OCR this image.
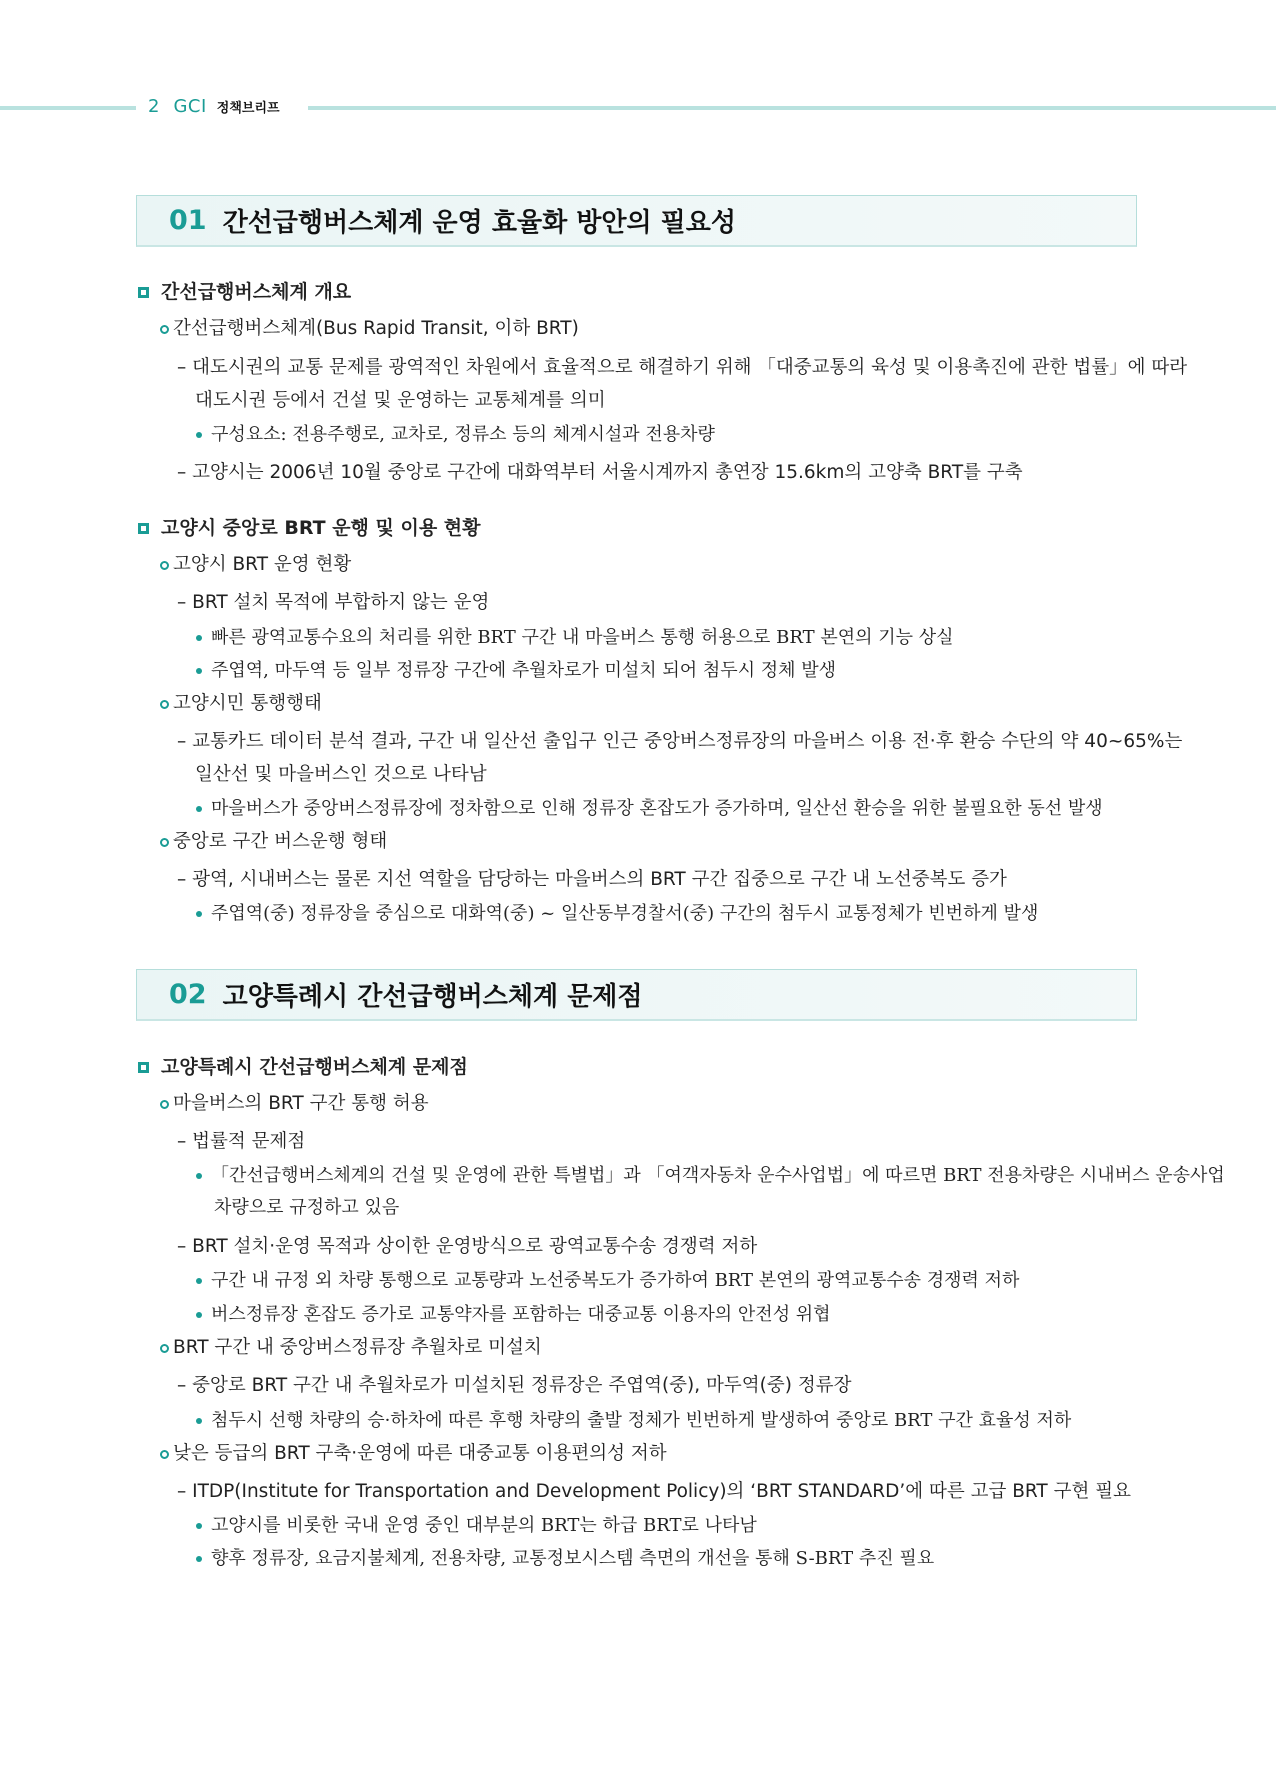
2 GCI 정책브리프
01 간선급행버스체계 운영 효율화 방안의 필요성
간선급행버스체계 개요
간선급행버스체계(Bus Rapid Transit, 이하 BRT)
– 대도시권의 교통 문제를 광역적인 차원에서 효율적으로 해결하기 위해 「대중교통의 육성 및 이용촉진에 관한 법률」에 따라
대도시권 등에서 건설 및 운영하는 교통체계를 의미
구성요소: 전용주행로, 교차로, 정류소 등의 체계시설과 전용차량
– 고양시는 2006년 10월 중앙로 구간에 대화역부터 서울시계까지 총연장 15.6km의 고양축 BRT를 구축
고양시 중앙로 BRT 운행 및 이용 현황
고양시 BRT 운영 현황
– BRT 설치 목적에 부합하지 않는 운영
빠른 광역교통수요의 처리를 위한 BRT 구간 내 마을버스 통행 허용으로 BRT 본연의 기능 상실
주엽역, 마두역 등 일부 정류장 구간에 추월차로가 미설치 되어 첨두시 정체 발생
고양시민 통행행태
– 교통카드 데이터 분석 결과, 구간 내 일산선 출입구 인근 중앙버스정류장의 마을버스 이용 전·후 환승 수단의 약 40~65%는
일산선 및 마을버스인 것으로 나타남
마을버스가 중앙버스정류장에 정차함으로 인해 정류장 혼잡도가 증가하며, 일산선 환승을 위한 불필요한 동선 발생
중앙로 구간 버스운행 형태
– 광역, 시내버스는 물론 지선 역할을 담당하는 마을버스의 BRT 구간 집중으로 구간 내 노선중복도 증가
주엽역(중) 정류장을 중심으로 대화역(중) ~ 일산동부경찰서(중) 구간의 첨두시 교통정체가 빈번하게 발생
02 고양특례시 간선급행버스체계 문제점
고양특례시 간선급행버스체계 문제점
마을버스의 BRT 구간 통행 허용
– 법률적 문제점
「간선급행버스체계의 건설 및 운영에 관한 특별법」과 「여객자동차 운수사업법」에 따르면 BRT 전용차량은 시내버스 운송사업
차량으로 규정하고 있음
– BRT 설치·운영 목적과 상이한 운영방식으로 광역교통수송 경쟁력 저하
구간 내 규정 외 차량 통행으로 교통량과 노선중복도가 증가하여 BRT 본연의 광역교통수송 경쟁력 저하
버스정류장 혼잡도 증가로 교통약자를 포함하는 대중교통 이용자의 안전성 위협
BRT 구간 내 중앙버스정류장 추월차로 미설치
– 중앙로 BRT 구간 내 추월차로가 미설치된 정류장은 주엽역(중), 마두역(중) 정류장
첨두시 선행 차량의 승·하차에 따른 후행 차량의 출발 정체가 빈번하게 발생하여 중앙로 BRT 구간 효율성 저하
낮은 등급의 BRT 구축·운영에 따른 대중교통 이용편의성 저하
– ITDP(Institute for Transportation and Development Policy)의 ‘BRT STANDARD’에 따른 고급 BRT 구현 필요
고양시를 비롯한 국내 운영 중인 대부분의 BRT는 하급 BRT로 나타남
향후 정류장, 요금지불체계, 전용차량, 교통정보시스템 측면의 개선을 통해 S-BRT 추진 필요
